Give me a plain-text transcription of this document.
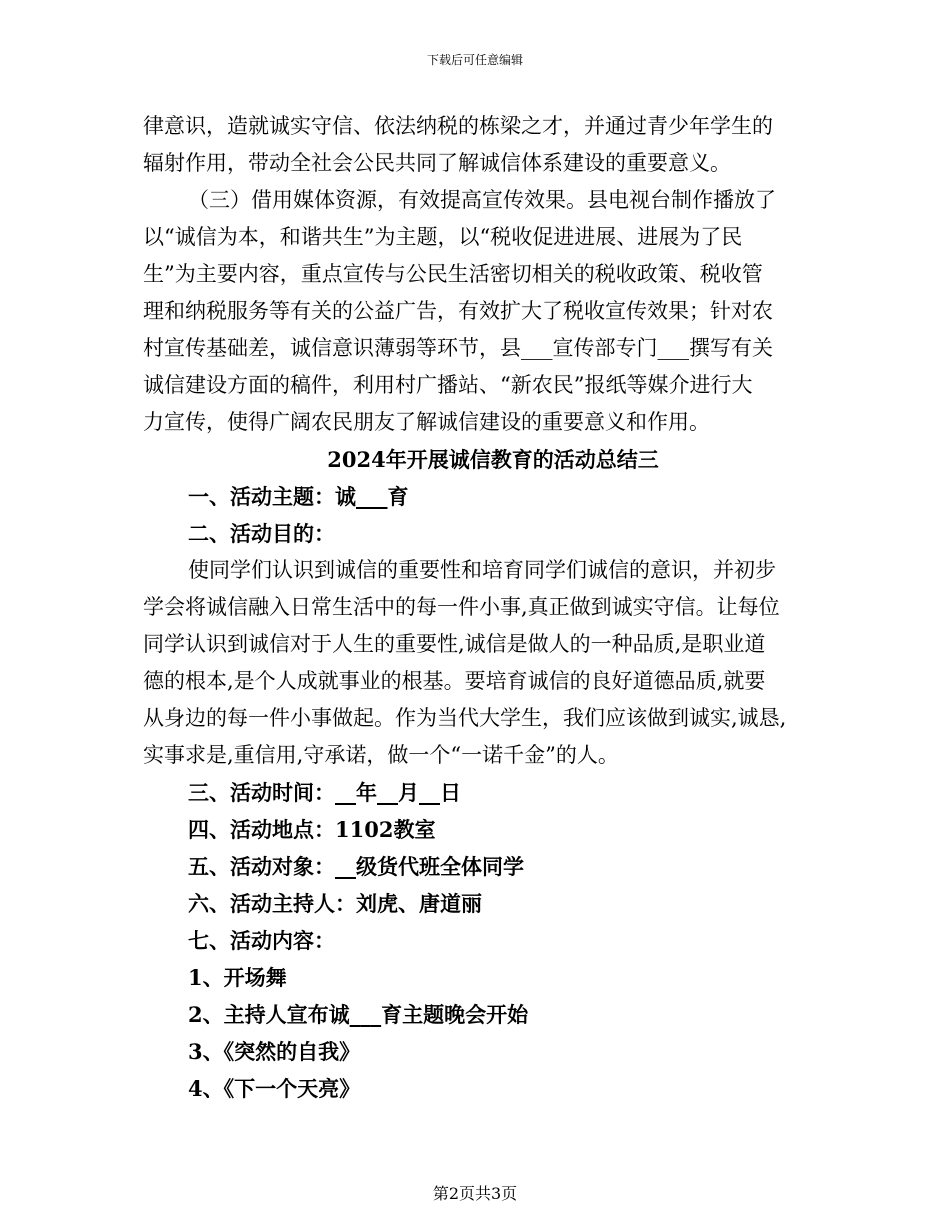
下载后可任意编辑
律意识，造就诚实守信、依法纳税的栋梁之才，并通过青少年学生的
辐射作用，带动全社会公民共同了解诚信体系建设的重要意义。
（三）借用媒体资源，有效提高宣传效果。县电视台制作播放了
以“诚信为本，和谐共生”为主题，以“税收促进进展、进展为了民
生”为主要内容，重点宣传与公民生活密切相关的税收政策、税收管
理和纳税服务等有关的公益广告，有效扩大了税收宣传效果；针对农
村宣传基础差，诚信意识薄弱等环节，县___宣传部专门___撰写有关
诚信建设方面的稿件，利用村广播站、“新农民”报纸等媒介进行大
力宣传，使得广阔农民朋友了解诚信建设的重要意义和作用。
2024年开展诚信教育的活动总结三
一、活动主题：诚___育
二、活动目的：
使同学们认识到诚信的重要性和培育同学们诚信的意识，并初步
学会将诚信融入日常生活中的每一件小事,真正做到诚实守信。让每位
同学认识到诚信对于人生的重要性,诚信是做人的一种品质,是职业道
德的根本,是个人成就事业的根基。要培育诚信的良好道德品质,就要
从身边的每一件小事做起。作为当代大学生，我们应该做到诚实,诚恳,
实事求是,重信用,守承诺，做一个“一诺千金”的人。
三、活动时间：__年__月__日
四、活动地点：1102教室
五、活动对象：__级货代班全体同学
六、活动主持人：刘虎、唐道丽
七、活动内容：
1、开场舞
2、主持人宣布诚___育主题晚会开始
3、《突然的自我》
4、《下一个天亮》
第2页共3页
